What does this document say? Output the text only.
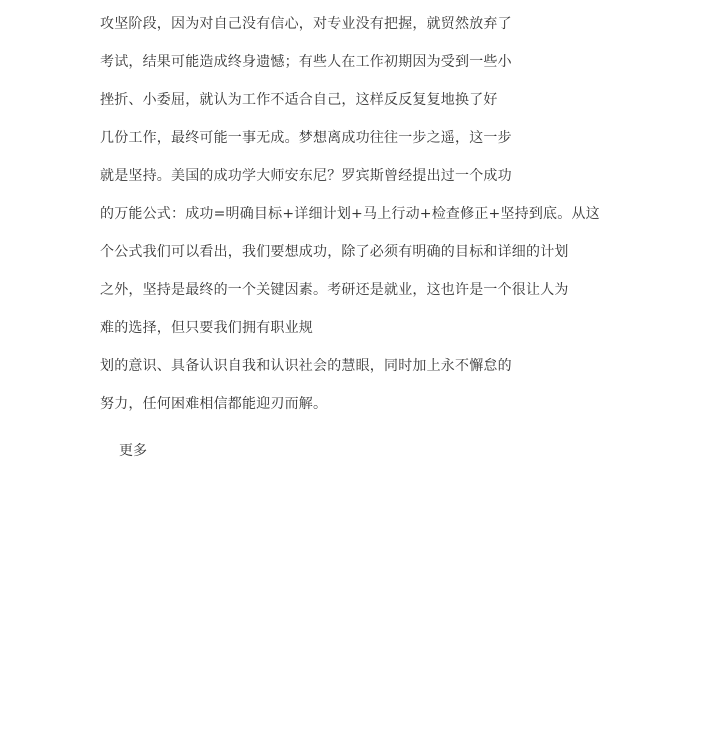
攻坚阶段，因为对自己没有信心，对专业没有把握，就贸然放弃了
考试，结果可能造成终身遗憾；有些人在工作初期因为受到一些小
挫折、小委屈，就认为工作不适合自己，这样反反复复地换了好
几份工作，最终可能一事无成。梦想离成功往往一步之遥，这一步
就是坚持。美国的成功学大师安东尼？罗宾斯曾经提出过一个成功
的万能公式：成功=明确目标+详细计划+马上行动+检查修正+坚持到底。从这
个公式我们可以看出，我们要想成功，除了必须有明确的目标和详细的计划
之外，坚持是最终的一个关键因素。考研还是就业，这也许是一个很让人为
难的选择，但只要我们拥有职业规
划的意识、具备认识自我和认识社会的慧眼，同时加上永不懈怠的
努力，任何困难相信都能迎刃而解。
更多
